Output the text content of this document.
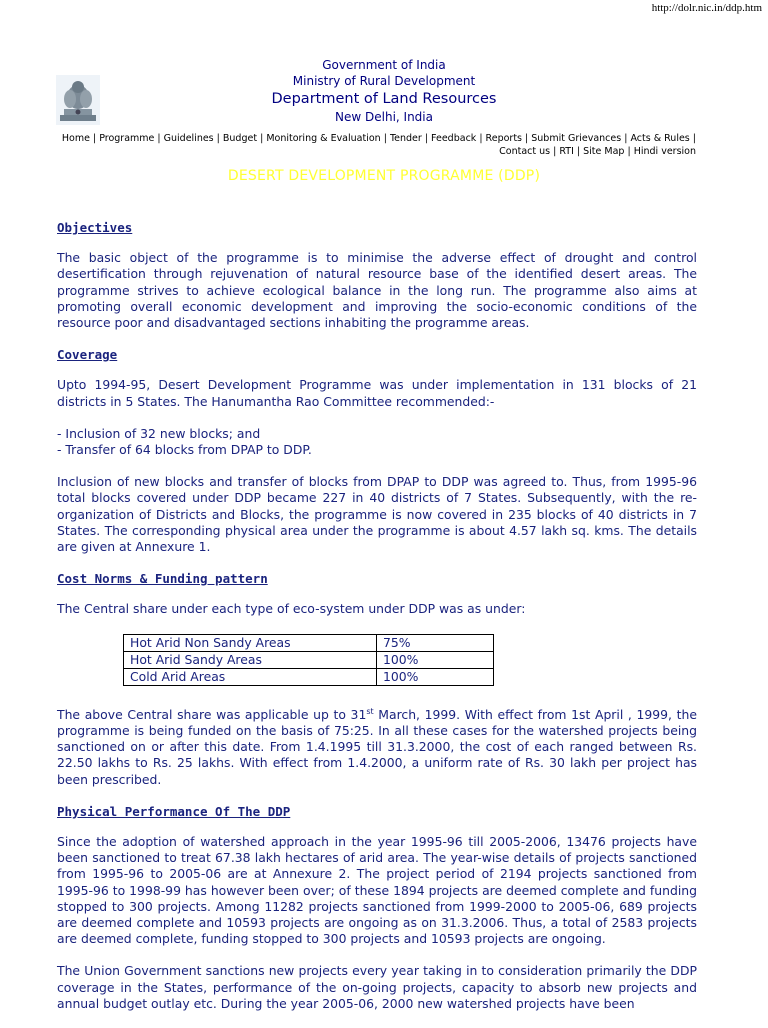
http://dolr.nic.in/ddp.htm
Government of India
Ministry of Rural Development
Department of Land Resources
New Delhi, India
Home | Programme | Guidelines | Budget | Monitoring & Evaluation | Tender | Feedback | Reports | Submit Grievances | Acts & Rules | Contact us | RTI | Site Map | Hindi version
DESERT DEVELOPMENT PROGRAMME (DDP)
Objectives

The basic object of the programme is to minimise the adverse effect of drought and control desertification through rejuvenation of natural resource base of the identified desert areas. The programme strives to achieve ecological balance in the long run. The programme also aims at promoting overall economic development and improving the socio-economic conditions of the resource poor and disadvantaged sections inhabiting the programme areas.

Coverage

Upto 1994-95, Desert Development Programme was under implementation in 131 blocks of 21 districts in 5 States. The Hanumantha Rao Committee recommended:-

- Inclusion of 32 new blocks; and
- Transfer of 64 blocks from DPAP to DDP.

Inclusion of new blocks and transfer of blocks from DPAP to DDP was agreed to. Thus, from 1995-96 total blocks covered under DDP became 227 in 40 districts of 7 States. Subsequently, with the re-organization of Districts and Blocks, the programme is now covered in 235 blocks of 40 districts in 7 States. The corresponding physical area under the programme is about 4.57 lakh sq. kms. The details are given at Annexure 1.

Cost Norms & Funding pattern

The Central share under each type of eco-system under DDP was as under:

Hot Arid Non Sandy Areas	75%
Hot Arid Sandy Areas	100%
Cold Arid Areas	100%

The above Central share was applicable up to 31st March, 1999. With effect from 1st April , 1999, the programme is being funded on the basis of 75:25. In all these cases for the watershed projects being sanctioned on or after this date. From 1.4.1995 till 31.3.2000, the cost of each ranged between Rs. 22.50 lakhs to Rs. 25 lakhs. With effect from 1.4.2000, a uniform rate of Rs. 30 lakh per project has been prescribed.

Physical Performance Of The DDP

Since the adoption of watershed approach in the year 1995-96 till 2005-2006, 13476 projects have been sanctioned to treat 67.38 lakh hectares of arid area. The year-wise details of projects sanctioned from 1995-96 to 2005-06 are at Annexure 2. The project period of 2194 projects sanctioned from 1995-96 to 1998-99 has however been over; of these 1894 projects are deemed complete and funding stopped to 300 projects. Among 11282 projects sanctioned from 1999-2000 to 2005-06, 689 projects are deemed complete and 10593 projects are ongoing as on 31.3.2006. Thus, a total of 2583 projects are deemed complete, funding stopped to 300 projects and 10593 projects are ongoing.

The Union Government sanctions new projects every year taking in to consideration primarily the DDP coverage in the States, performance of the on-going projects, capacity to absorb new projects and annual budget outlay etc. During the year 2005-06, 2000 new watershed projects have been
